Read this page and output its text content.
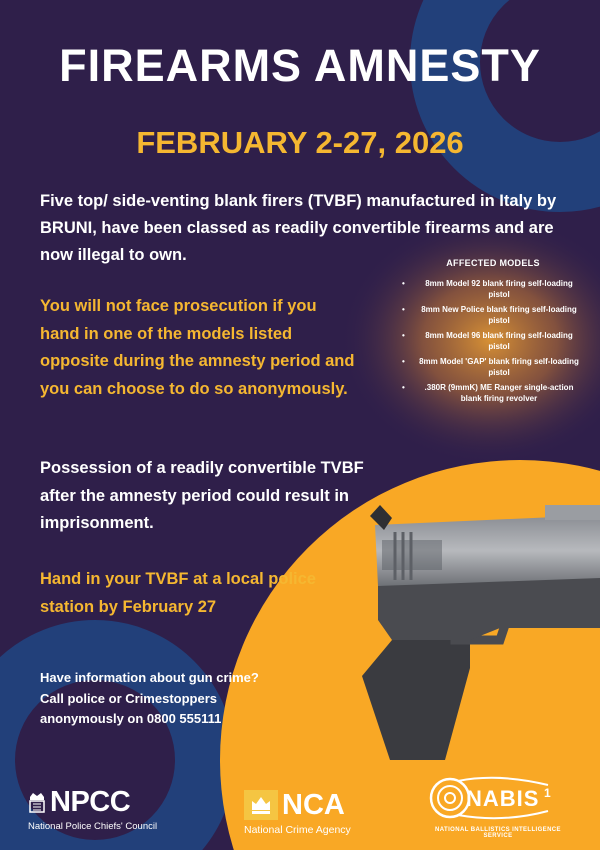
FIREARMS AMNESTY
FEBRUARY 2-27, 2026

Five top/ side-venting blank firers (TVBF) manufactured in Italy by BRUNI, have been classed as readily convertible firearms and are now illegal to own.

You will not face prosecution if you hand in one of the models listed opposite during the amnesty period and you can choose to do so anonymously.

AFFECTED MODELS

• 8mm Model 92 blank firing self-loading pistol
• 8mm New Police blank firing self-loading pistol
• 8mm Model 96 blank firing self-loading pistol
• 8mm Model 'GAP' blank firing self-loading pistol
• .380R (9mmK) ME Ranger single-action blank firing revolver

Possession of a readily convertible TVBF after the amnesty period could result in imprisonment.

Hand in your TVBF at a local police station by February 27

Have information about gun crime? Call police or Crimestoppers anonymously on 0800 555111

1
NPCC
National Police Chiefs' Council
NCA
National Crime Agency
NABIS
NATIONAL BALLISTICS INTELLIGENCE SERVICE
